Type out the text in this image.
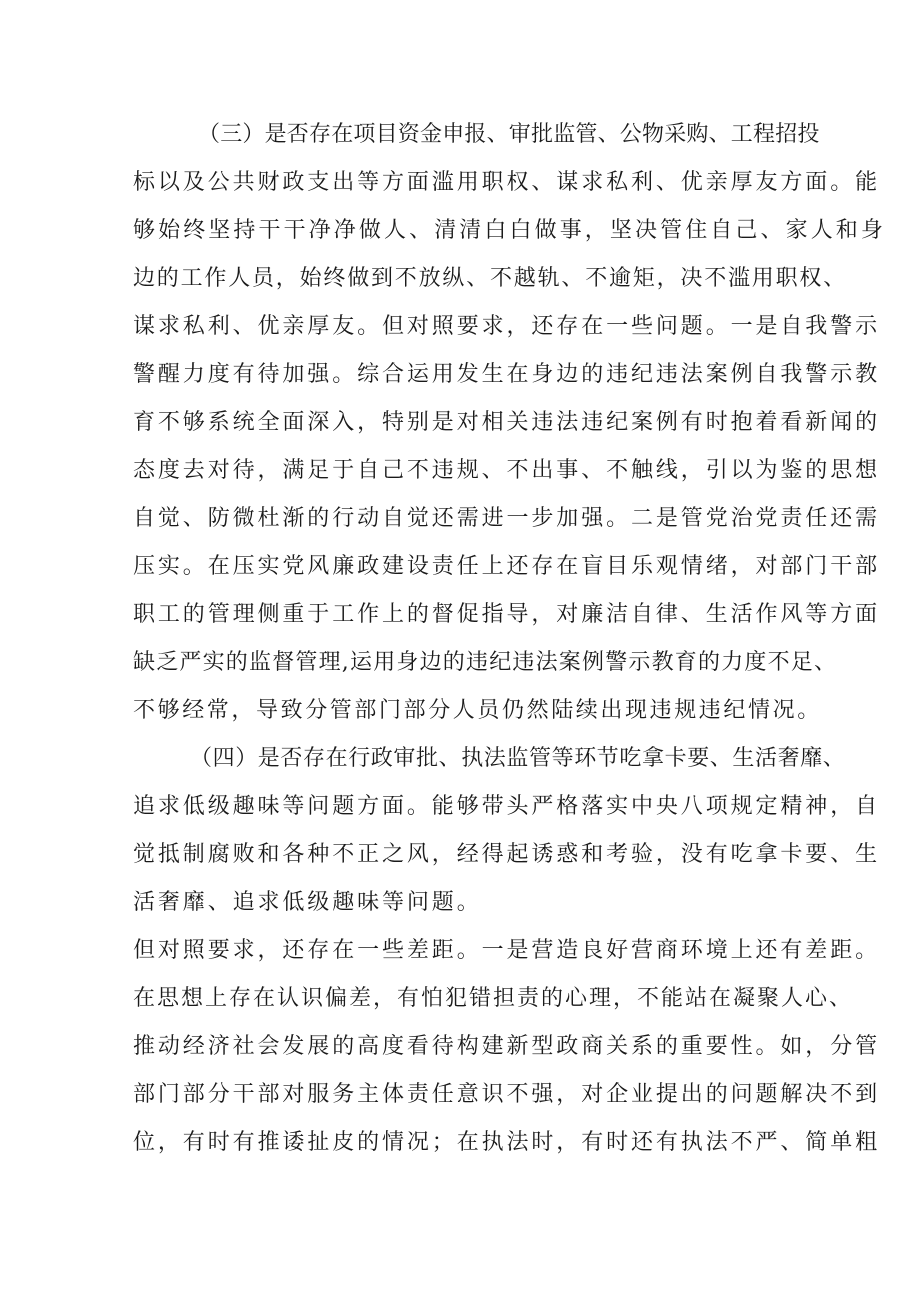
（三）是否存在项目资金申报、审批监管、公物采购、工程招投
标以及公共财政支出等方面滥用职权、谋求私利、优亲厚友方面。能
够始终坚持干干净净做人、清清白白做事，坚决管住自己、家人和身
边的工作人员，始终做到不放纵、不越轨、不逾矩，决不滥用职权、
谋求私利、优亲厚友。但对照要求，还存在一些问题。一是自我警示
警醒力度有待加强。综合运用发生在身边的违纪违法案例自我警示教
育不够系统全面深入，特别是对相关违法违纪案例有时抱着看新闻的
态度去对待，满足于自己不违规、不出事、不触线，引以为鉴的思想
自觉、防微杜渐的行动自觉还需进一步加强。二是管党治党责任还需
压实。在压实党风廉政建设责任上还存在盲目乐观情绪，对部门干部
职工的管理侧重于工作上的督促指导，对廉洁自律、生活作风等方面
缺乏严实的监督管理,运用身边的违纪违法案例警示教育的力度不足、
不够经常，导致分管部门部分人员仍然陆续出现违规违纪情况。
（四）是否存在行政审批、执法监管等环节吃拿卡要、生活奢靡、
追求低级趣味等问题方面。能够带头严格落实中央八项规定精神，自
觉抵制腐败和各种不正之风，经得起诱惑和考验，没有吃拿卡要、生
活奢靡、追求低级趣味等问题。
但对照要求，还存在一些差距。一是营造良好营商环境上还有差距。
在思想上存在认识偏差，有怕犯错担责的心理，不能站在凝聚人心、
推动经济社会发展的高度看待构建新型政商关系的重要性。如，分管
部门部分干部对服务主体责任意识不强，对企业提出的问题解决不到
位，有时有推诿扯皮的情况；在执法时，有时还有执法不严、简单粗
